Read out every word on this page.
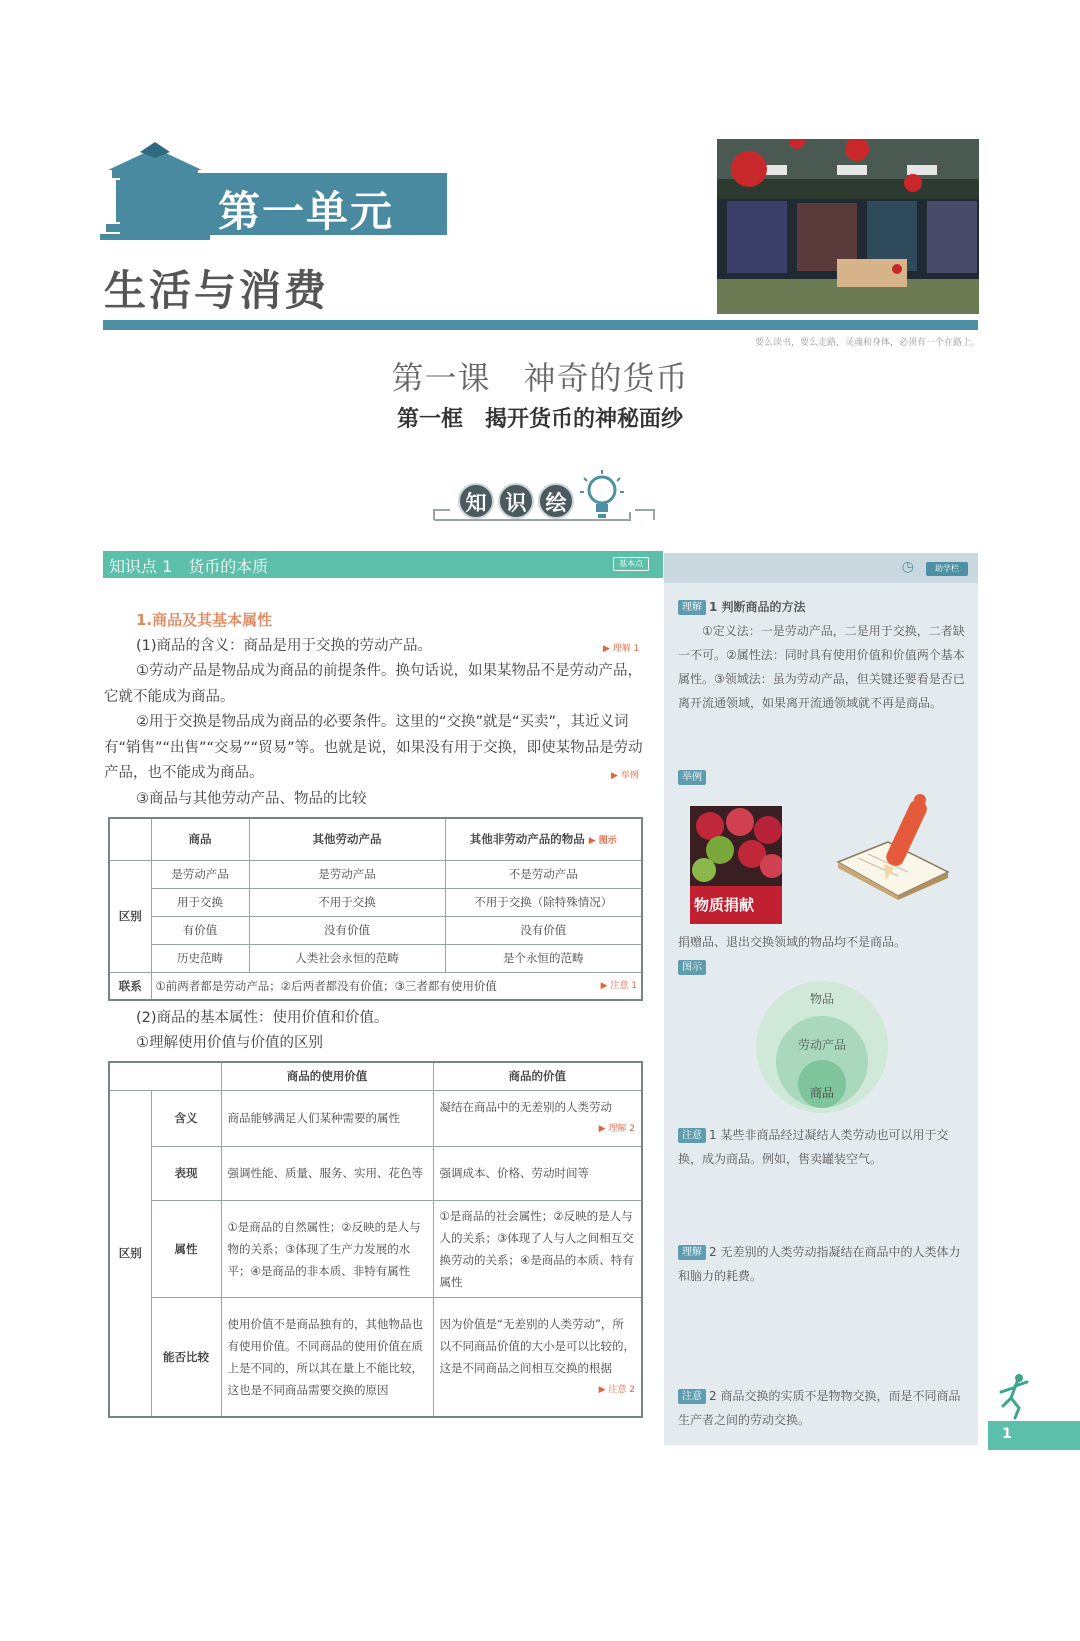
第一单元
生活与消费
要么读书，要么走路，灵魂和身体，必须有一个在路上。
第一课　神奇的货币
第一框　揭开货币的神秘面纱
知 识 绘
知识点 1　货币的本质	基本点
1.商品及其基本属性
(1)商品的含义：商品是用于交换的劳动产品。	▶ 理解 1
①劳动产品是物品成为商品的前提条件。换句话说，如果某物品不是劳动产品，它就不能成为商品。
②用于交换是物品成为商品的必要条件。这里的“交换”就是“买卖”，其近义词有“销售”“出售”“交易”“贸易”等。也就是说，如果没有用于交换，即使某物品是劳动产品，也不能成为商品。	▶ 举例
③商品与其他劳动产品、物品的比较
	商品	其他劳动产品	其他非劳动产品的物品 ▶ 图示
区别	是劳动产品	是劳动产品	不是劳动产品
	用于交换	不用于交换	不用于交换（除特殊情况）
	有价值	没有价值	没有价值
	历史范畴	人类社会永恒的范畴	是个永恒的范畴
联系	①前两者都是劳动产品；②后两者都没有价值；③三者都有使用价值 ▶ 注意 1		
(2)商品的基本属性：使用价值和价值。
①理解使用价值与价值的区别
		商品的使用价值	商品的价值
区别	含义	商品能够满足人们某种需要的属性	凝结在商品中的无差别的人类劳动
▶ 理解 2

	表现	强调性能、质量、服务、实用、花色等	强调成本、价格、劳动时间等
	属性	①是商品的自然属性；②反映的是人与物的关系；③体现了生产力发展的水平；④是商品的非本质、非特有属性	①是商品的社会属性；②反映的是人与人的关系；③体现了人与人之间相互交换劳动的关系；④是商品的本质、特有属性
	能否比较	使用价值不是商品独有的，其他物品也有使用价值。不同商品的使用价值在质上是不同的，所以其在量上不能比较，这也是不同商品需要交换的原因	因为价值是“无差别的人类劳动”，所以不同商品价值的大小是可以比较的，这是不同商品之间相互交换的根据
▶ 注意 2
◷	助学栏
理解 1 判断商品的方法
①定义法：一是劳动产品，二是用于交换，二者缺一不可。②属性法：同时具有使用价值和价值两个基本属性。③领域法：虽为劳动产品，但关键还要看是否已离开流通领域，如果离开流通领域就不再是商品。
举例
物质捐献
捐赠品、退出交换领域的物品均不是商品。
图示
物品
劳动产品
商品
注意 1 某些非商品经过凝结人类劳动也可以用于交换，成为商品。例如，售卖罐装空气。
理解 2 无差别的人类劳动指凝结在商品中的人类体力和脑力的耗费。
注意 2 商品交换的实质不是物物交换，而是不同商品生产者之间的劳动交换。
1
